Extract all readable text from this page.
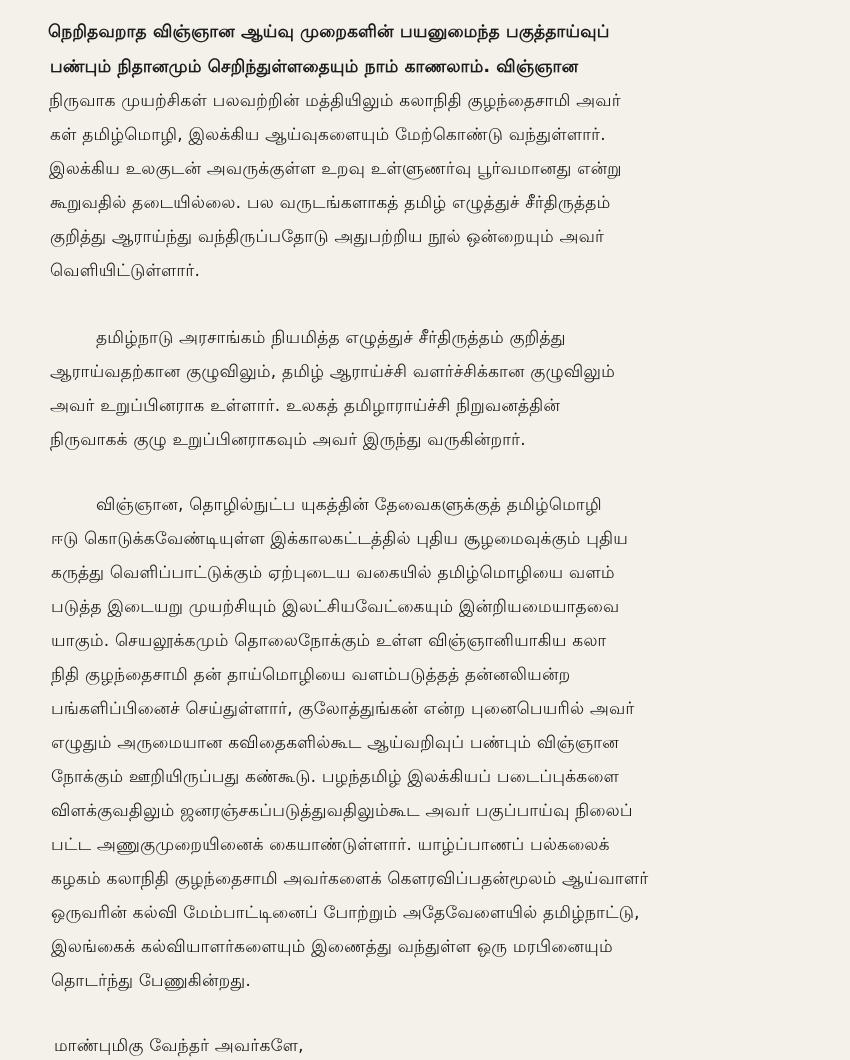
நெறிதவறாத விஞ்ஞான ஆய்வு முறைகளின் பயனுமைந்த பகுத்தாய்வுப்

பண்பும் நிதானமும் செறிந்துள்ளதையும் நாம் காணலாம். விஞ்ஞான

நிருவாக முயற்சிகள் பலவற்றின் மத்தியிலும் கலாநிதி குழந்தைசாமி அவர்

கள் தமிழ்மொழி, இலக்கிய ஆய்வுகளையும் மேற்கொண்டு வந்துள்ளார்.

இலக்கிய உலகுடன் அவருக்குள்ள உறவு உள்ளுணர்வு பூர்வமானது என்று

கூறுவதில் தடையில்லை. பல வருடங்களாகத் தமிழ் எழுத்துச் சீர்திருத்தம்

குறித்து ஆராய்ந்து வந்திருப்பதோடு அதுபற்றிய நூல் ஒன்றையும் அவர்

வெளியிட்டுள்ளார்.

தமிழ்நாடு அரசாங்கம் நியமித்த எழுத்துச் சீர்திருத்தம் குறித்து

ஆராய்வதற்கான குழுவிலும், தமிழ் ஆராய்ச்சி வளர்ச்சிக்கான குழுவிலும்

அவர் உறுப்பினராக உள்ளார். உலகத் தமிழாராய்ச்சி நிறுவனத்தின்

நிருவாகக் குழு உறுப்பினராகவும் அவர் இருந்து வருகின்றார்.

விஞ்ஞான, தொழில்நுட்ப யுகத்தின் தேவைகளுக்குத் தமிழ்மொழி

ஈடு கொடுக்கவேண்டியுள்ள இக்காலகட்டத்தில் புதிய சூழமைவுக்கும் புதிய

கருத்து வெளிப்பாட்டுக்கும் ஏற்புடைய வகையில் தமிழ்மொழியை வளம்

படுத்த இடையறு முயற்சியும் இலட்சியவேட்கையும் இன்றியமையாதவை

யாகும். செயலூக்கமும் தொலைநோக்கும் உள்ள விஞ்ஞானியாகிய கலா

நிதி குழந்தைசாமி தன் தாய்மொழியை வளம்படுத்தத் தன்னலியன்ற

பங்களிப்பினைச் செய்துள்ளார், குலோத்துங்கன் என்ற புனைபெயரில் அவர்

எழுதும் அருமையான கவிதைகளில்கூட ஆய்வறிவுப் பண்பும் விஞ்ஞான

நோக்கும் ஊறியிருப்பது கண்கூடு. பழந்தமிழ் இலக்கியப் படைப்புக்களை

விளக்குவதிலும் ஜனரஞ்சகப்படுத்துவதிலும்கூட அவர் பகுப்பாய்வு நிலைப்

பட்ட அணுகுமுறையினைக் கையாண்டுள்ளார். யாழ்ப்பாணப் பல்கலைக்

கழகம் கலாநிதி குழந்தைசாமி அவர்களைக் கௌரவிப்பதன்மூலம் ஆய்வாளர்

ஒருவரின் கல்வி மேம்பாட்டினைப் போற்றும் அதேவேளையில் தமிழ்நாட்டு,

இலங்கைக் கல்வியாளர்களையும் இணைத்து வந்துள்ள ஒரு மரபினையும்

தொடர்ந்து பேணுகின்றது.

மாண்புமிகு வேந்தர் அவர்களே,
